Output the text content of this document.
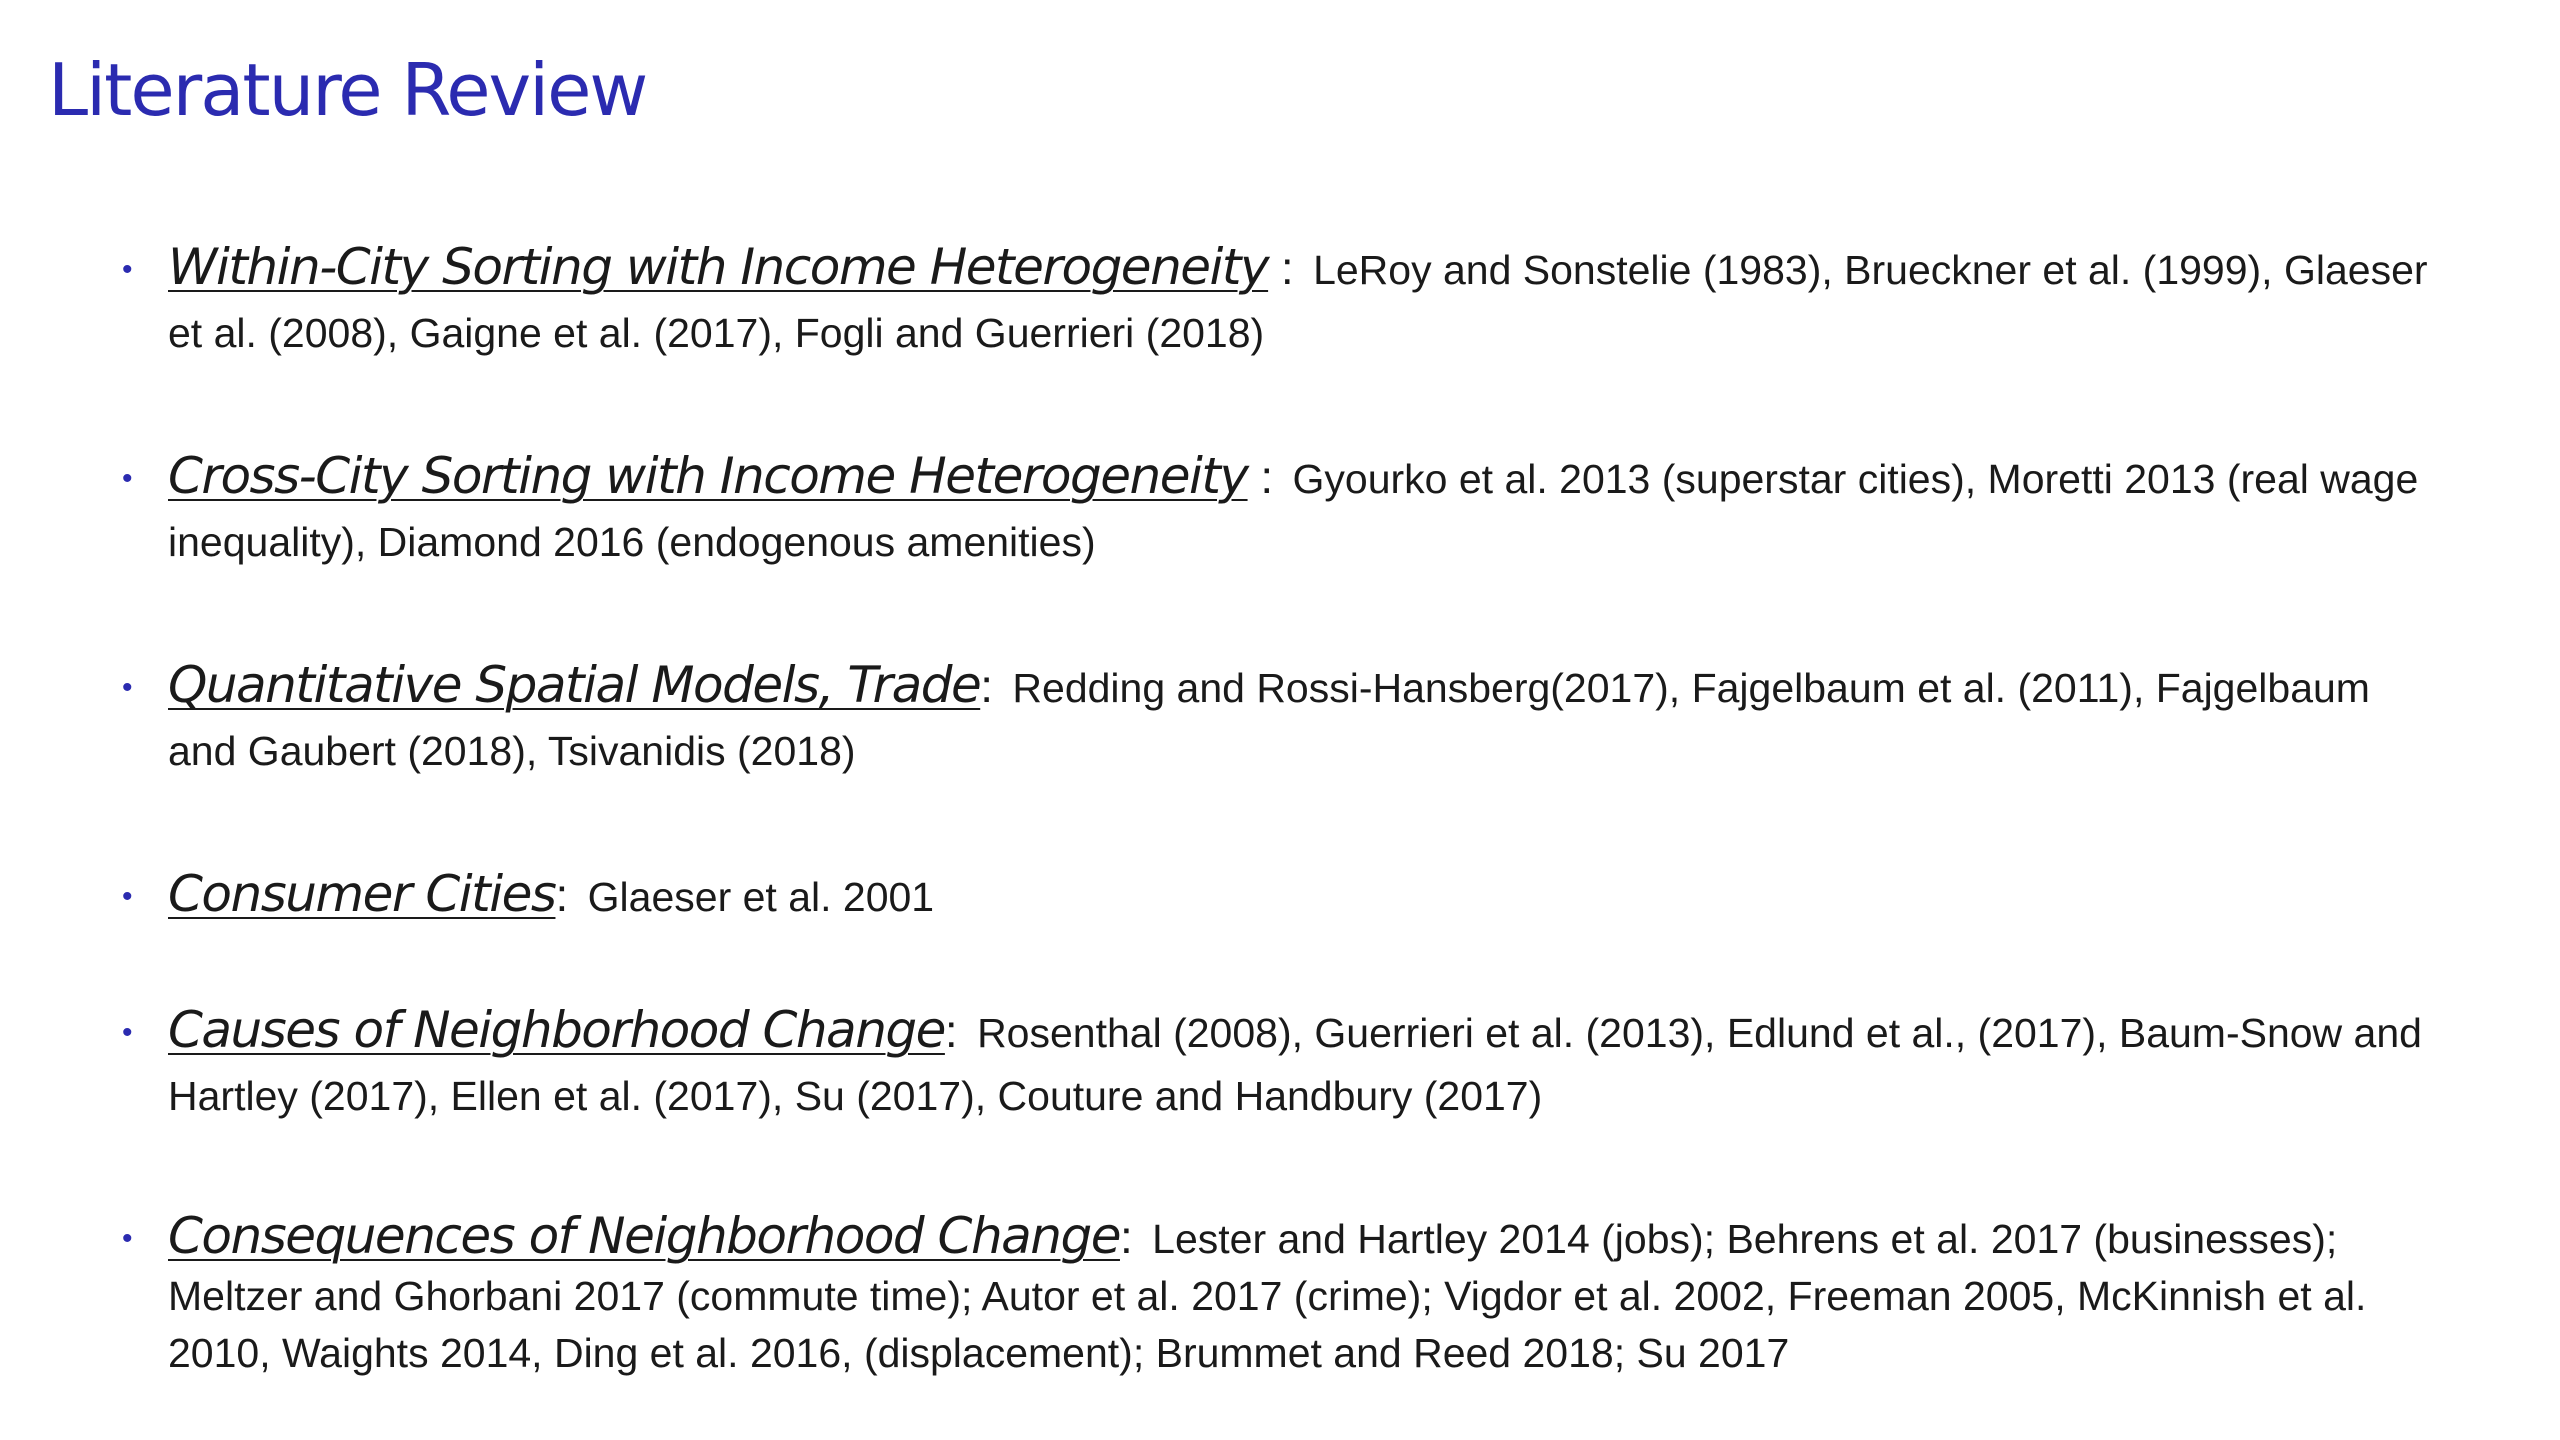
Literature Review
• Within-City Sorting with Income Heterogeneity : LeRoy and Sonstelie (1983), Brueckner et al. (1999), Glaeser et al. (2008), Gaigne et al. (2017), Fogli and Guerrieri (2018)
• Cross-City Sorting with Income Heterogeneity : Gyourko et al. 2013 (superstar cities), Moretti 2013 (real wage inequality), Diamond 2016 (endogenous amenities)
• Quantitative Spatial Models, Trade: Redding and Rossi-Hansberg(2017), Fajgelbaum et al. (2011), Fajgelbaum and Gaubert (2018), Tsivanidis (2018)
• Consumer Cities: Glaeser et al. 2001
• Causes of Neighborhood Change: Rosenthal (2008), Guerrieri et al. (2013), Edlund et al., (2017), Baum-Snow and Hartley (2017), Ellen et al. (2017), Su (2017), Couture and Handbury (2017)
• Consequences of Neighborhood Change: Lester and Hartley 2014 (jobs); Behrens et al. 2017 (businesses); Meltzer and Ghorbani 2017 (commute time); Autor et al. 2017 (crime); Vigdor et al. 2002, Freeman 2005, McKinnish et al. 2010, Waights 2014, Ding et al. 2016, (displacement); Brummet and Reed 2018; Su 2017
